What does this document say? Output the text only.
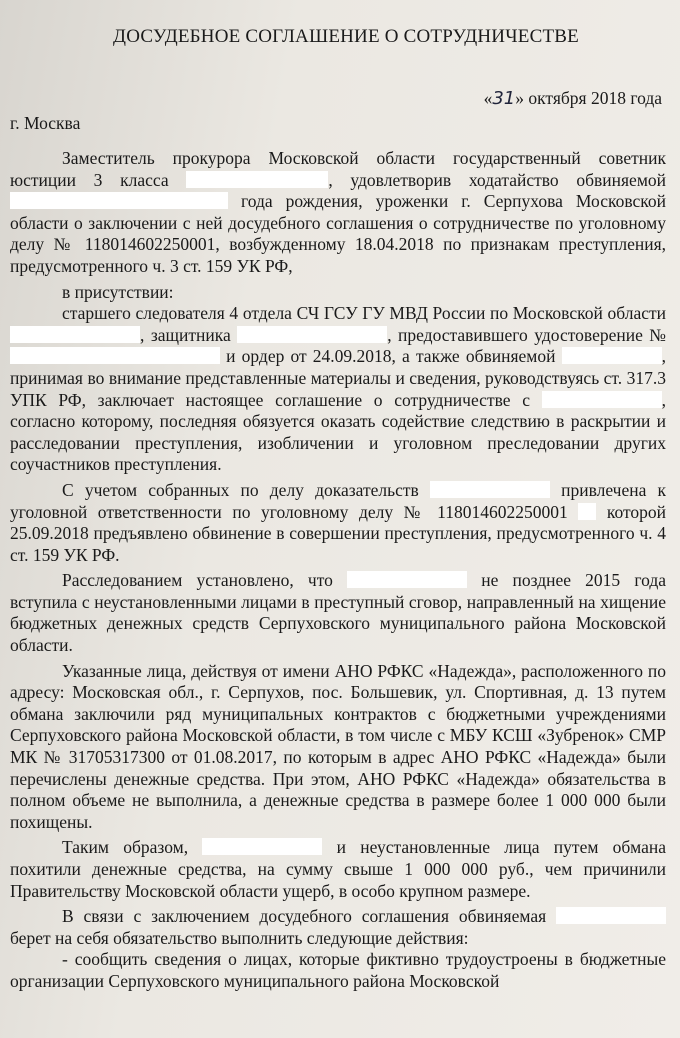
ДОСУДЕБНОЕ СОГЛАШЕНИЕ О СОТРУДНИЧЕСТВЕ
«31» октября 2018 года
г. Москва

Заместитель прокурора Московской области государственный советник юстиции 3 класса	, удовлетворив ходатайство обвиняемой  года рождения, уроженки г. Серпухова Московской области о заключении с ней досудебного соглашения о сотрудничестве по уголовному делу № 118014602250001, возбужденному 18.04.2018 по признакам преступления, предусмотренного ч. 3 ст. 159 УК РФ,

в присутствии:

старшего следователя 4 отдела СЧ ГСУ ГУ МВД России по Московской области , защитника	, предоставившего удостоверение №  и ордер от 24.09.2018, а также обвиняемой	, принимая во внимание представленные материалы и сведения, руководствуясь ст. 317.3 УПК РФ, заключает настоящее соглашение о сотрудничестве с	, согласно которому, последняя обязуется оказать содействие следствию в раскрытии и расследовании преступления, изобличении и уголовном преследовании других соучастников преступления.

С учетом собранных по делу доказательств	привлечена к уголовной ответственности по уголовному делу № 118014602250001 которой 25.09.2018 предъявлено обвинение в совершении преступления, предусмотренного ч. 4 ст. 159 УК РФ.

Расследованием установлено, что	не позднее 2015 года вступила с неустановленными лицами в преступный сговор, направленный на хищение бюджетных денежных средств Серпуховского муниципального района Московской области.

Указанные лица, действуя от имени АНО РФКС «Надежда», расположенного по адресу: Московская обл., г. Серпухов, пос. Большевик, ул. Спортивная, д. 13 путем обмана заключили ряд муниципальных контрактов с бюджетными учреждениями Серпуховского района Московской области, в том числе с МБУ КСШ «Зубренок» СМР МК № 31705317300 от 01.08.2017, по которым в адрес АНО РФКС «Надежда» были перечислены денежные средства. При этом, АНО РФКС «Надежда» обязательства в полном объеме не выполнила, а денежные средства в размере более 1 000 000 были похищены.

Таким образом,	и неустановленные лица путем обмана похитили денежные средства, на сумму свыше 1 000 000 руб., чем причинили Правительству Московской области ущерб, в особо крупном размере.

В связи с заключением досудебного соглашения обвиняемая  берет на себя обязательство выполнить следующие действия:

- сообщить сведения о лицах, которые фиктивно трудоустроены в бюджетные организации Серпуховского муниципального района Московской
